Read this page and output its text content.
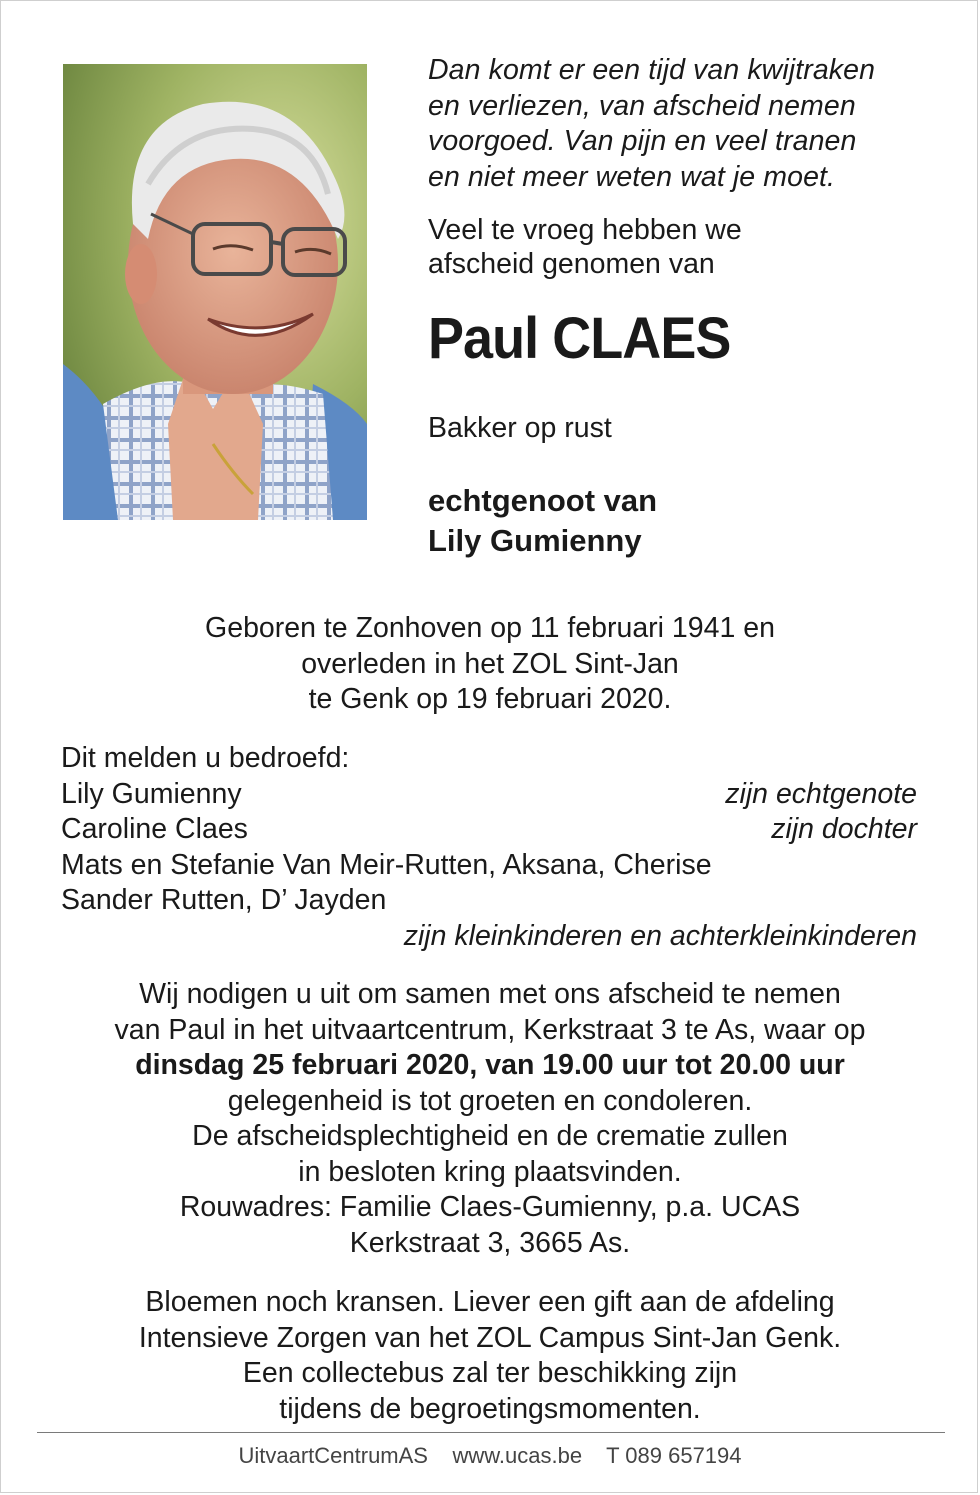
Dan komt er een tijd van kwijtraken
en verliezen, van afscheid nemen
voorgoed. Van pijn en veel tranen
en niet meer weten wat je moet.
Veel te vroeg hebben we
afscheid genomen van
Paul CLAES
Bakker op rust
echtgenoot van
Lily Gumienny

Geboren te Zonhoven op 11 februari 1941 en

overleden in het ZOL Sint-Jan

te Genk op 19 februari 2020.

Dit melden u bedroefd:
Lily Gumienny	zijn echtgenote
Caroline Claes	zijn dochter
Mats en Stefanie Van Meir-Rutten, Aksana, Cherise
Sander Rutten, D’ Jayden
zijn kleinkinderen en achterkleinkinderen

Wij nodigen u uit om samen met ons afscheid te nemen

van Paul in het uitvaartcentrum, Kerkstraat 3 te As, waar op

dinsdag 25 februari 2020, van 19.00 uur tot 20.00 uur

gelegenheid is tot groeten en condoleren.

De afscheidsplechtigheid en de crematie zullen

in besloten kring plaatsvinden.

Rouwadres: Familie Claes-Gumienny, p.a. UCAS

Kerkstraat 3, 3665 As.

Bloemen noch kransen. Liever een gift aan de afdeling

Intensieve Zorgen van het ZOL Campus Sint-Jan Genk.

Een collectebus zal ter beschikking zijn

tijdens de begroetingsmomenten.

UitvaartCentrumAS www.ucas.be T 089 657194
